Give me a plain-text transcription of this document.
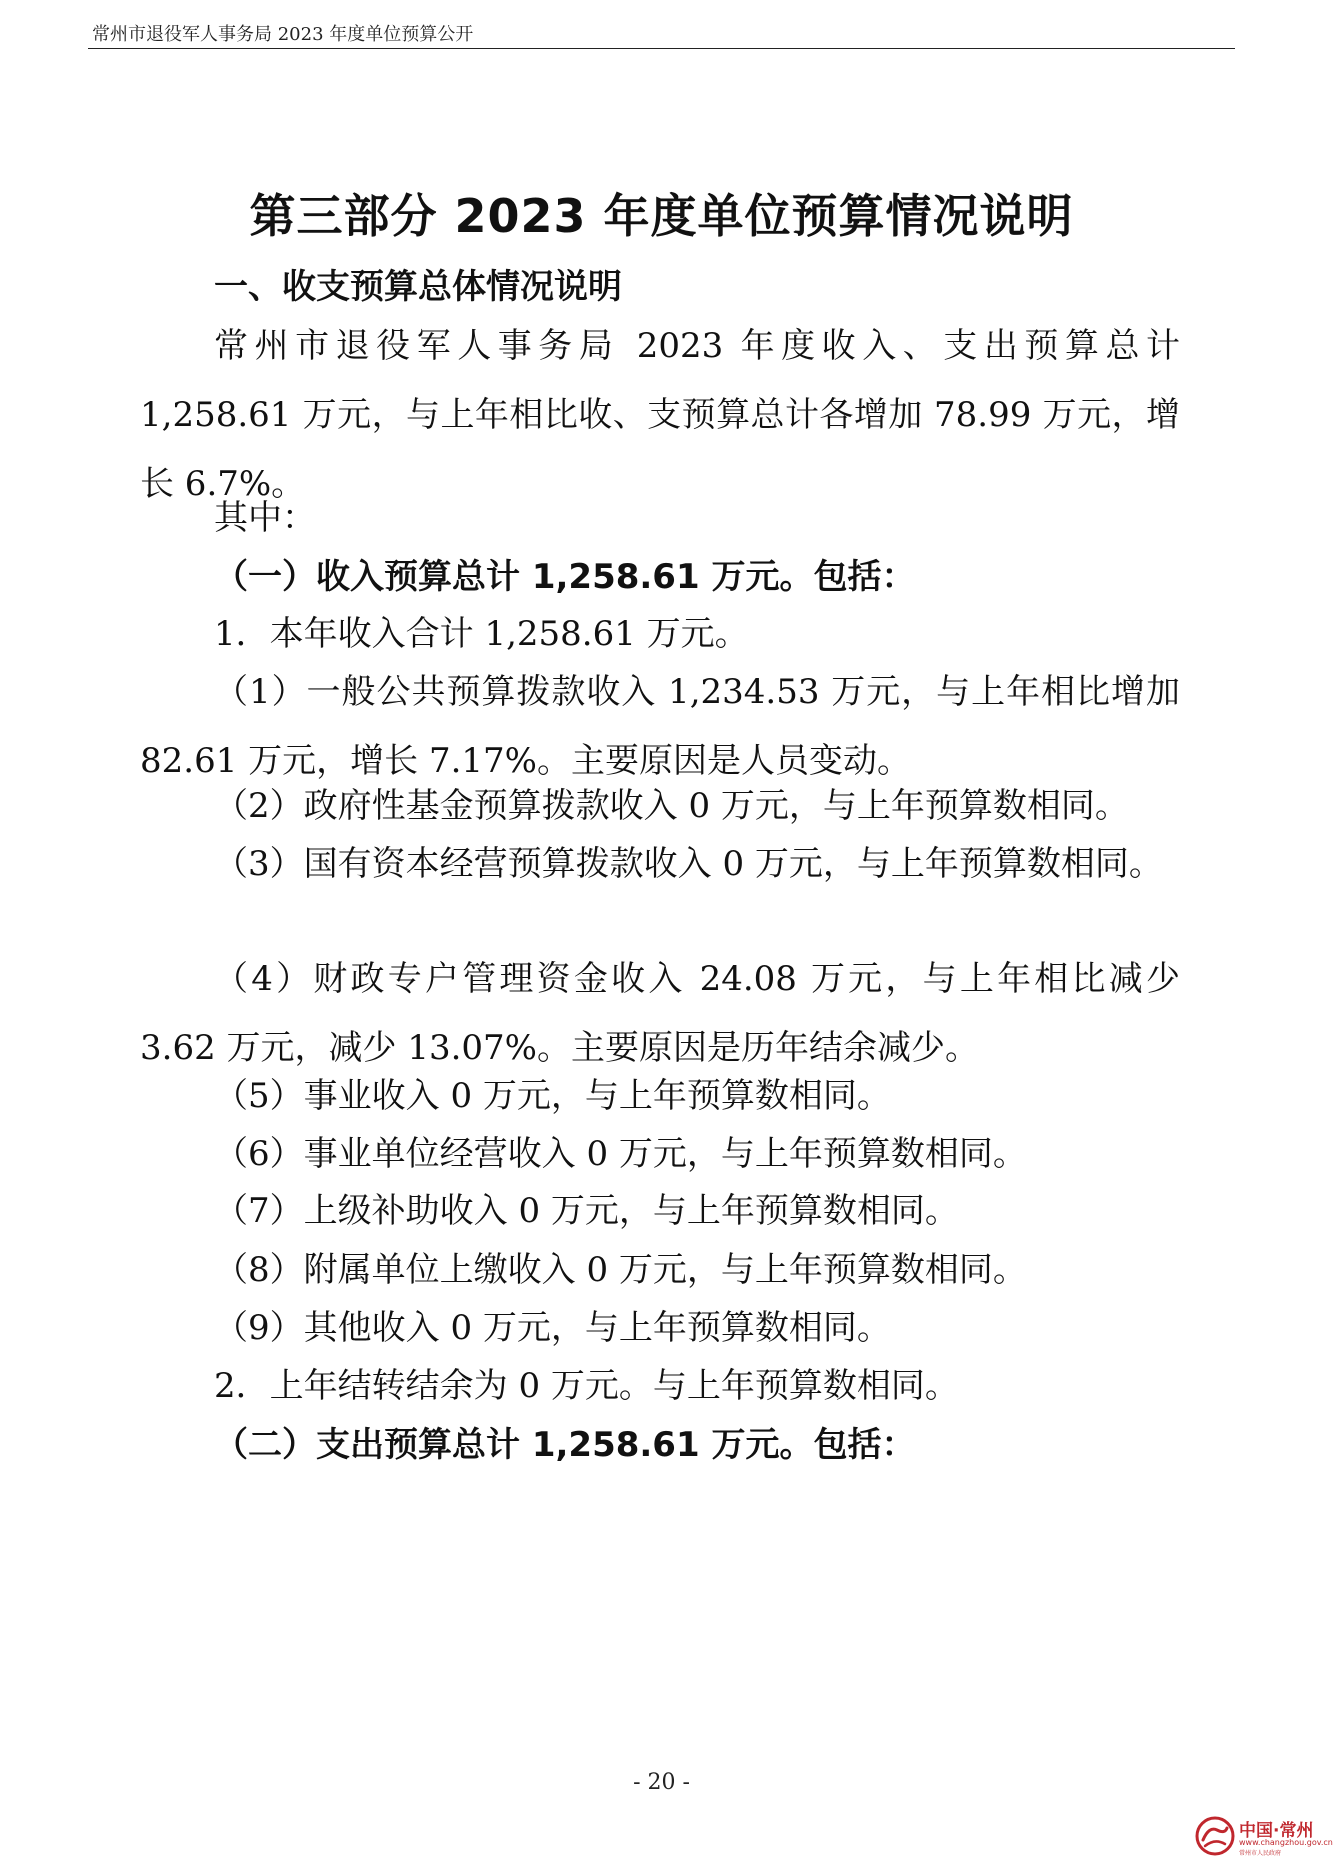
常州市退役军人事务局 2023 年度单位预算公开
第三部分 2023 年度单位预算情况说明

一、收支预算总体情况说明

常州市退役军人事务局 2023 年度收入、支出预算总计 1,258.61 万元，与上年相比收、支预算总计各增加 78.99 万元，增长 6.7%。

其中：

（一）收入预算总计 1,258.61 万元。包括：

1．本年收入合计 1,258.61 万元。

（1）一般公共预算拨款收入 1,234.53 万元，与上年相比增加 82.61 万元，增长 7.17%。主要原因是人员变动。

（2）政府性基金预算拨款收入 0 万元，与上年预算数相同。

（3）国有资本经营预算拨款收入 0 万元，与上年预算数相同。

（4）财政专户管理资金收入 24.08 万元，与上年相比减少 3.62 万元，减少 13.07%。主要原因是历年结余减少。

（5）事业收入 0 万元，与上年预算数相同。

（6）事业单位经营收入 0 万元，与上年预算数相同。

（7）上级补助收入 0 万元，与上年预算数相同。

（8）附属单位上缴收入 0 万元，与上年预算数相同。

（9）其他收入 0 万元，与上年预算数相同。

2．上年结转结余为 0 万元。与上年预算数相同。

（二）支出预算总计 1,258.61 万元。包括：

- 20 -
中国·常州
www.changzhou.gov.cn
常州市人民政府
